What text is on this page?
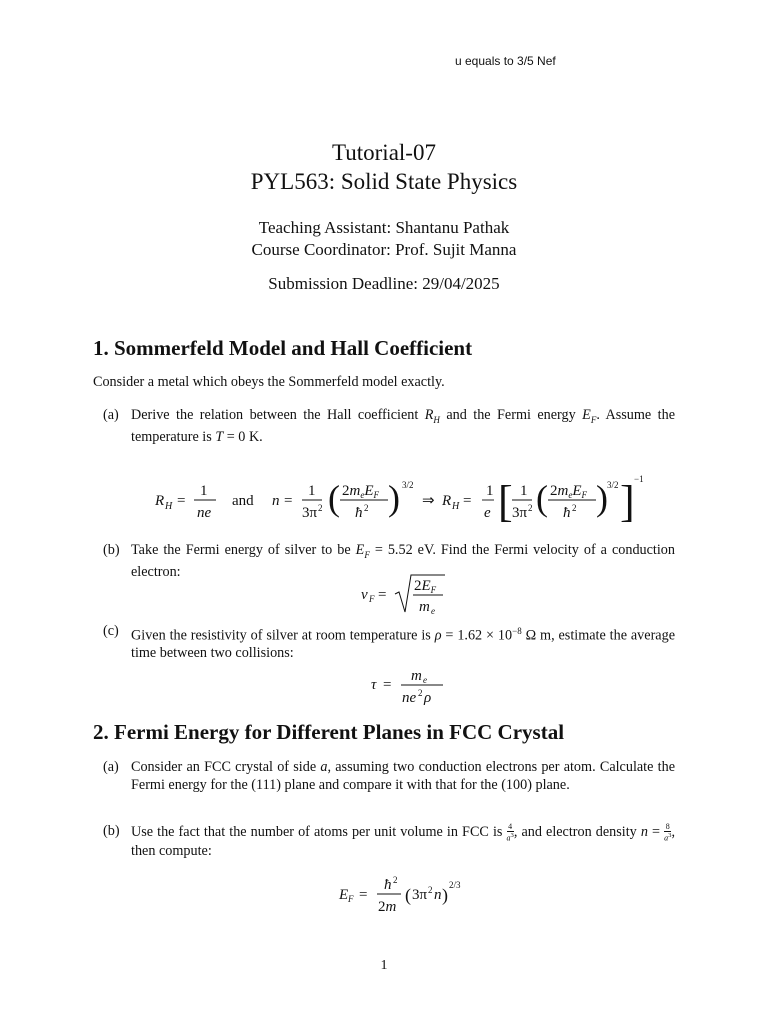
u equals to 3/5 Nef
Tutorial-07
PYL563: Solid State Physics
Teaching Assistant: Shantanu Pathak
Course Coordinator: Prof. Sujit Manna
Submission Deadline: 29/04/2025
1. Sommerfeld Model and Hall Coefficient
Consider a metal which obeys the Sommerfeld model exactly.
(a) Derive the relation between the Hall coefficient $R_H$ and the Fermi energy $E_F$. Assume the temperature is T = 0 K.
R H =
1
ne
and n =
1
3π 2 ( $2m_eE_F$
ħ 2 ) 3/2
⇒ R H =
1
e [ 1
3π 2 ( $2m_eE_F$
ħ 2 ) 3/2 ] −1
(b) Take the Fermi energy of silver to be $E_F = 5.52$ eV. Find the Fermi velocity of a conduction electron:
v F =
$2E_F$
m e
(c) Given the resistivity of silver at room temperature is $\rho = 1.62 \times 10^{-8}$ Ω m, estimate the average time between two collisions:
τ =
m e
ne 2 ρ
2. Fermi Energy for Different Planes in FCC Crystal
(a) Consider an FCC crystal of side a, assuming two conduction electrons per atom. Calculate the Fermi energy for the (111) plane and compare it with that for the (100) plane.
(b) Use the fact that the number of atoms per unit volume in FCC is $\frac{4}{a^3}$ , and electron density $n = \frac{8}{a^3}$ , then compute:
E F =
ħ 2
2m
( 3π 2 n ) 2/3
1
